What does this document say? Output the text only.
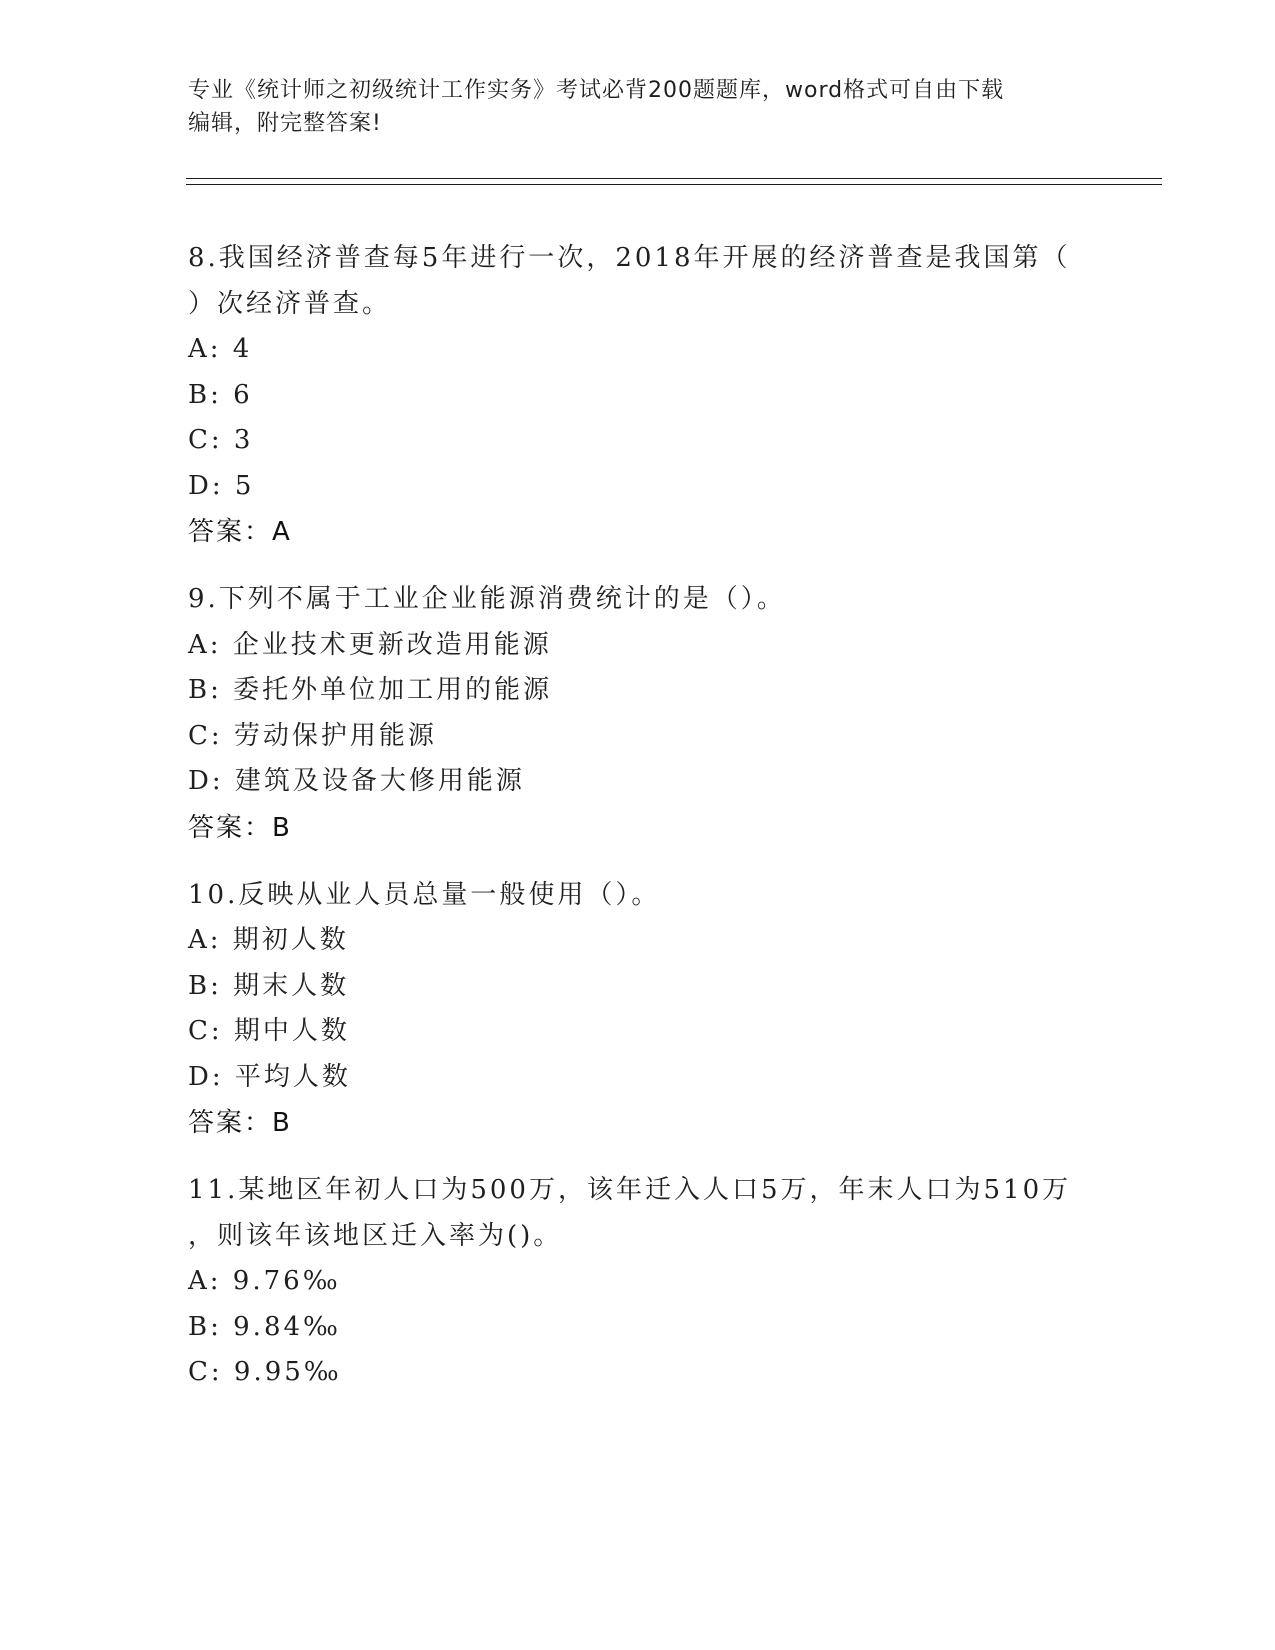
专业《统计师之初级统计工作实务》考试必背200题题库，word格式可自由下载
编辑，附完整答案!
8.我国经济普查每5年进行一次，2018年开展的经济普查是我国第（
）次经济普查。
A: 4
B: 6
C: 3
D: 5
答案：A
9.下列不属于工业企业能源消费统计的是（）。
A: 企业技术更新改造用能源
B: 委托外单位加工用的能源
C: 劳动保护用能源
D: 建筑及设备大修用能源
答案：B
10.反映从业人员总量一般使用（）。
A: 期初人数
B: 期末人数
C: 期中人数
D: 平均人数
答案：B
11.某地区年初人口为500万，该年迁入人口5万，年末人口为510万
，则该年该地区迁入率为()。
A: 9.76‰
B: 9.84‰
C: 9.95‰
